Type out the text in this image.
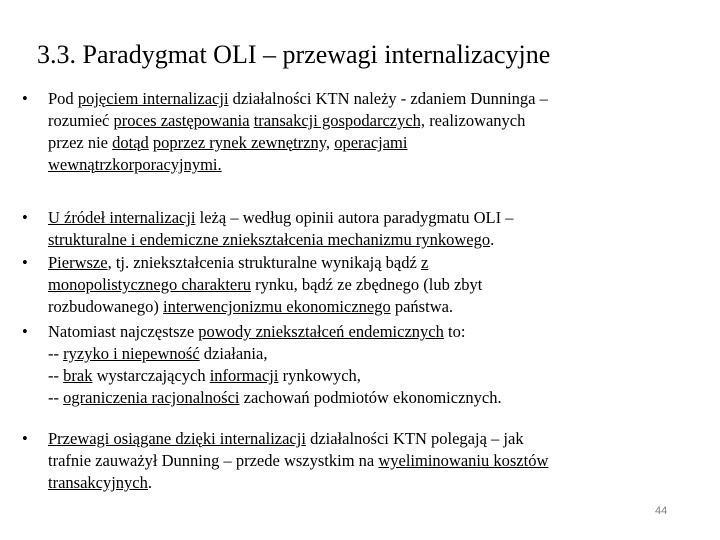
3.3. Paradygmat OLI – przewagi internalizacyjne
• Pod pojęciem internalizacji działalności KTN należy - zdaniem Dunninga –
rozumieć proces zastępowania transakcji gospodarczych, realizowanych
przez nie dotąd poprzez rynek zewnętrzny, operacjami
wewnątrzkorporacyjnymi.
• U źródeł internalizacji leżą – według opinii autora paradygmatu OLI –
strukturalne i endemiczne zniekształcenia mechanizmu rynkowego.
• Pierwsze, tj. zniekształcenia strukturalne wynikają bądź z
monopolistycznego charakteru rynku, bądź ze zbędnego (lub zbyt
rozbudowanego) interwencjonizmu ekonomicznego państwa.
• Natomiast najczęstsze powody zniekształceń endemicznych to:
-- ryzyko i niepewność działania,
-- brak wystarczających informacji rynkowych,
-- ograniczenia racjonalności zachowań podmiotów ekonomicznych.
• Przewagi osiągane dzięki internalizacji działalności KTN polegają – jak
trafnie zauważył Dunning – przede wszystkim na wyeliminowaniu kosztów
transakcyjnych.
44
